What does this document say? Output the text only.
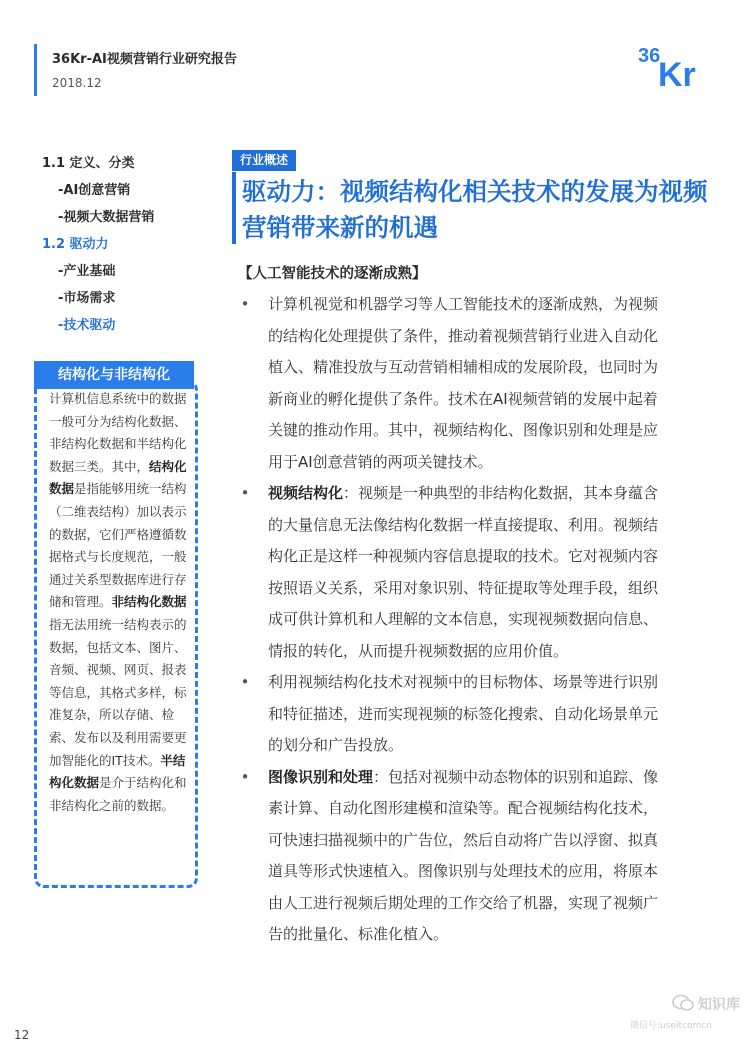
36Kr-AI视频营销行业研究报告
2018.12
36
Kr
1.1 定义、分类
-AI创意营销
-视频大数据营销
1.2 驱动力
-产业基础
-市场需求
-技术驱动
结构化与非结构化

计算机信息系统中的数据一般可分为结构化数据、非结构化数据和半结构化数据三类。其中，结构化数据是指能够用统一结构（二维表结构）加以表示的数据，它们严格遵循数据格式与长度规范，一般通过关系型数据库进行存储和管理。非结构化数据指无法用统一结构表示的数据，包括文本、图片、音频、视频、网页、报表等信息，其格式多样，标准复杂，所以存储、检索、发布以及利用需要更加智能化的IT技术。半结构化数据是介于结构化和非结构化之前的数据。

行业概述
驱动力：视频结构化相关技术的发展为视频营销带来新的机遇
【人工智能技术的逐渐成熟】
• 计算机视觉和机器学习等人工智能技术的逐渐成熟，为视频的结构化处理提供了条件，推动着视频营销行业进入自动化植入、精准投放与互动营销相辅相成的发展阶段，也同时为新商业的孵化提供了条件。技术在AI视频营销的发展中起着关键的推动作用。其中，视频结构化、图像识别和处理是应用于AI创意营销的两项关键技术。
• 视频结构化：视频是一种典型的非结构化数据，其本身蕴含的大量信息无法像结构化数据一样直接提取、利用。视频结构化正是这样一种视频内容信息提取的技术。它对视频内容按照语义关系，采用对象识别、特征提取等处理手段，组织成可供计算机和人理解的文本信息，实现视频数据向信息、情报的转化，从而提升视频数据的应用价值。
• 利用视频结构化技术对视频中的目标物体、场景等进行识别和特征描述，进而实现视频的标签化搜索、自动化场景单元的划分和广告投放。
• 图像识别和处理：包括对视频中动态物体的识别和追踪、像素计算、自动化图形建模和渲染等。配合视频结构化技术，可快速扫描视频中的广告位，然后自动将广告以浮窗、拟真道具等形式快速植入。图像识别与处理技术的应用，将原本由人工进行视频后期处理的工作交给了机器，实现了视频广告的批量化、标准化植入。
12
知识库
微信号:useitcomcn
